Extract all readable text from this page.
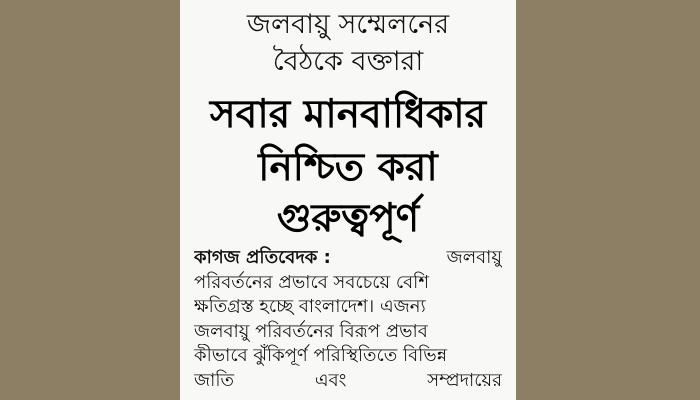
জলবায়ু সম্মেলনের
বৈঠকে বক্তারা
সবার মানবাধিকার
নিশ্চিত করা
গুরুত্বপূর্ণ
কাগজ প্রতিবেদক :	জলবায়ু
পরিবর্তনের প্রভাবে সবচেয়ে বেশি
ক্ষতিগ্রস্ত হচ্ছে বাংলাদেশ। এজন্য
জলবায়ু পরিবর্তনের বিরূপ প্রভাব
কীভাবে ঝুঁকিপূর্ণ পরিস্থিতিতে বিভিন্ন
জাতি	এবং	সম্প্রদায়ের
